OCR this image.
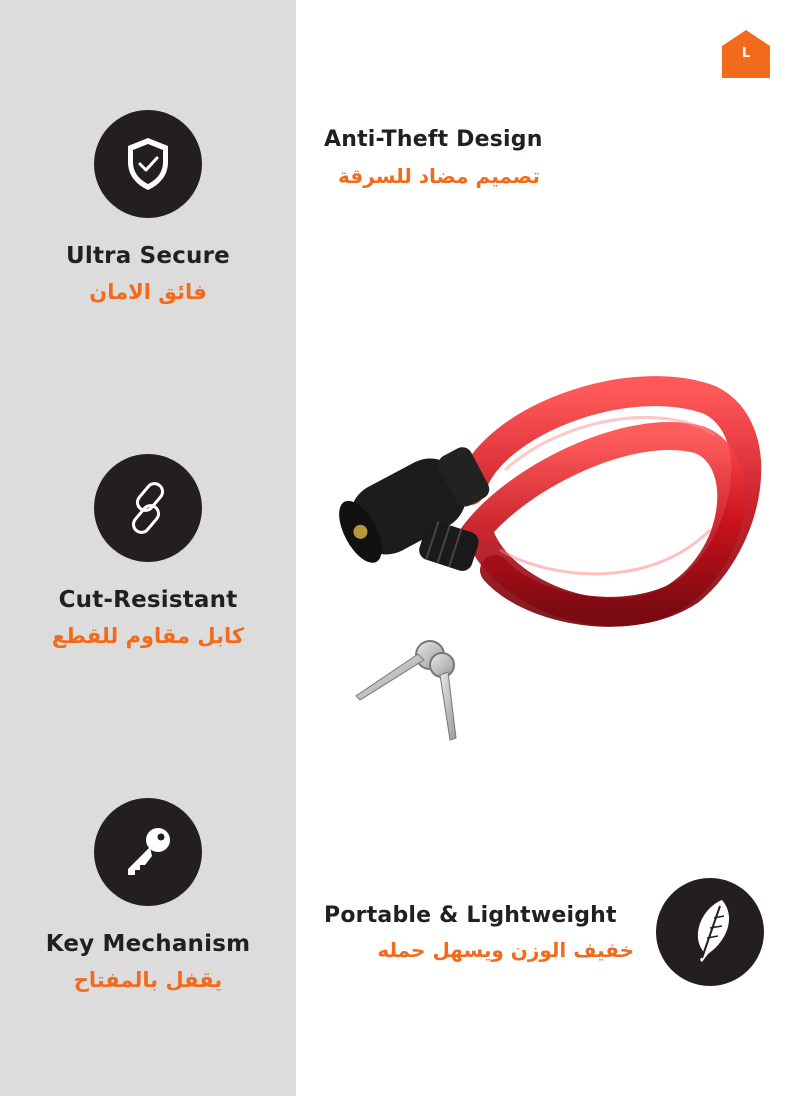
Ultra Secure
فائق الامان
Cut-Resistant
كابل مقاوم للقطع
Key Mechanism
يقفل بالمفتاح
L
Anti-Theft Design
تصميم مضاد للسرقة
Portable & Lightweight
خفيف الوزن ويسهل حمله
